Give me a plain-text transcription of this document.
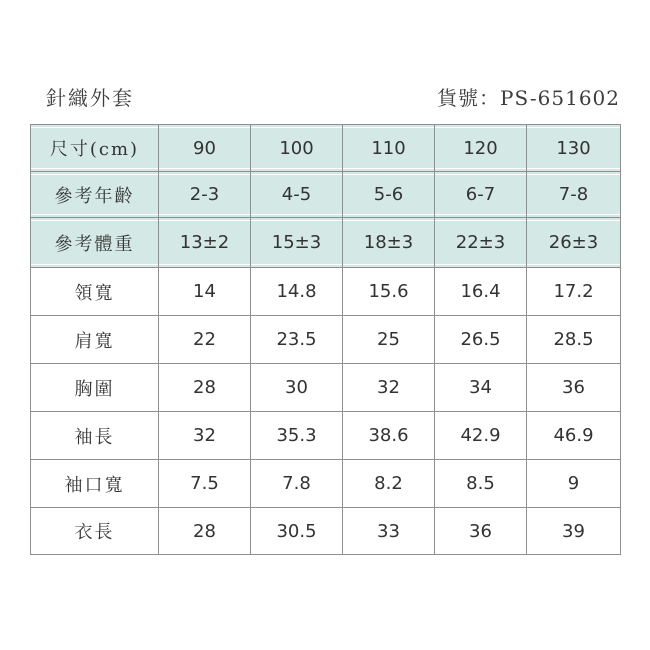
針織外套	貨號：PS-651602
尺寸(cm)	90	100	110	120	130
參考年齡	2-3	4-5	5-6	6-7	7-8
參考體重	13±2	15±3	18±3	22±3	26±3
領寬	14	14.8	15.6	16.4	17.2
肩寬	22	23.5	25	26.5	28.5
胸圍	28	30	32	34	36
袖長	32	35.3	38.6	42.9	46.9
袖口寬	7.5	7.8	8.2	8.5	9
衣長	28	30.5	33	36	39
